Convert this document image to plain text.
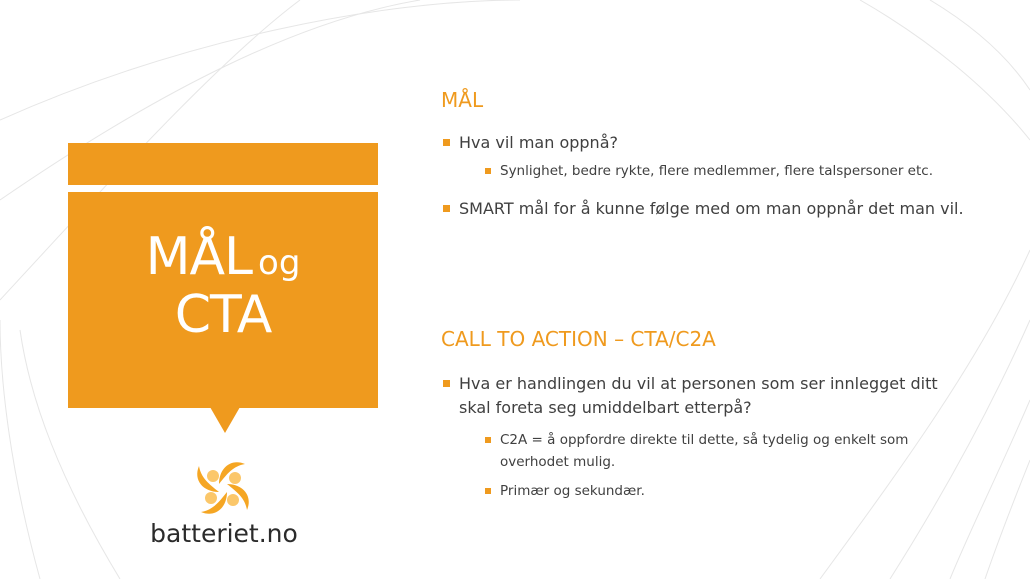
MÅL og
CTA
batteriet.no
MÅL
Hva vil man oppnå?
Synlighet, bedre rykte, flere medlemmer, flere talspersoner etc.
SMART mål for å kunne følge med om man oppnår det man vil.
CALL TO ACTION – CTA/C2A
Hva er handlingen du vil at personen som ser innlegget ditt skal foreta seg umiddelbart etterpå?
C2A = å oppfordre direkte til dette, så tydelig og enkelt som overhodet mulig.
Primær og sekundær.
